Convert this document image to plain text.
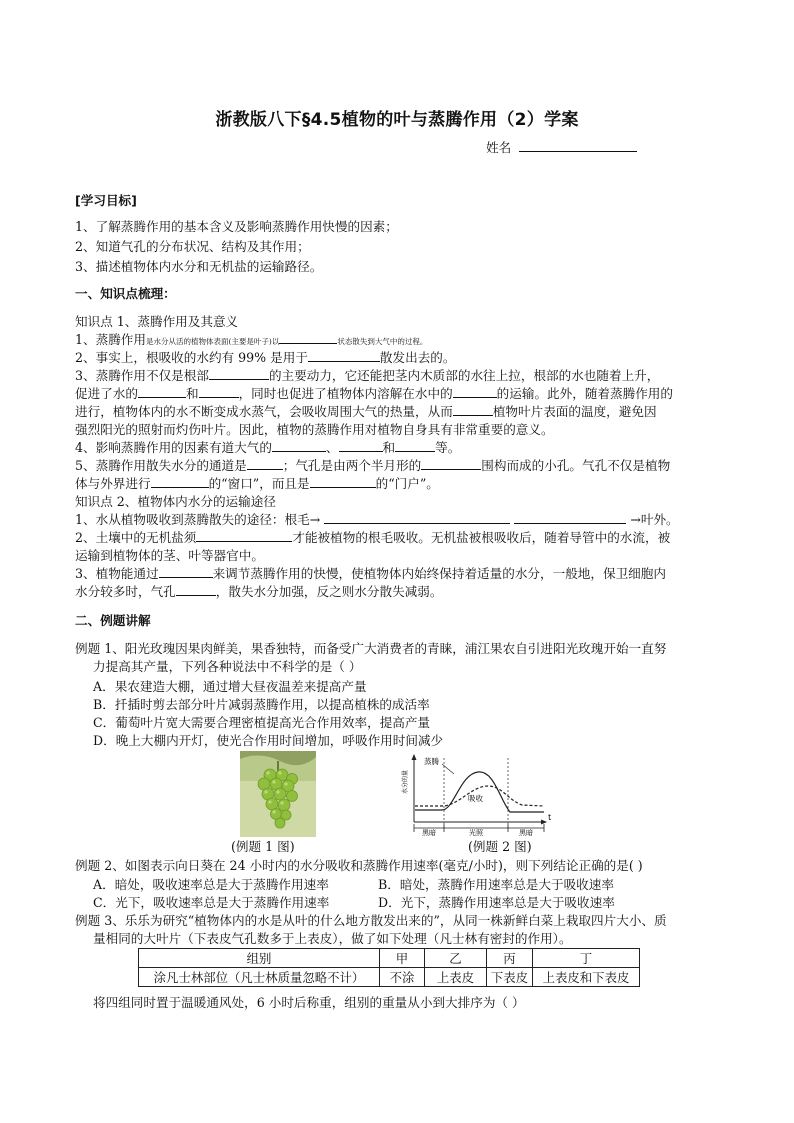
浙教版八下§4.5植物的叶与蒸腾作用（2）学案
姓名
[学习目标]
1、了解蒸腾作用的基本含义及影响蒸腾作用快慢的因素；
2、知道气孔的分布状况、结构及其作用；
3、描述植物体内水分和无机盐的运输路径。
一、知识点梳理：
知识点 1、蒸腾作用及其意义
1、蒸腾作用是水分从活的植物体表面(主要是叶子)以	状态散失到大气中的过程。
2、事实上，根吸收的水约有 99% 是用于	散发出去的。
3、蒸腾作用不仅是根部	的主要动力，它还能把茎内木质部的水往上拉，根部的水也随着上升，
促进了水的	和	，同时也促进了植物体内溶解在水中的	的运输。此外，随着蒸腾作用的
进行，植物体内的水不断变成水蒸气，会吸收周围大气的热量，从而	植物叶片表面的温度，避免因
强烈阳光的照射而灼伤叶片。因此，植物的蒸腾作用对植物自身具有非常重要的意义。
4、影响蒸腾作用的因素有道大气的	、	和	等。
5、蒸腾作用散失水分的通道是	；气孔是由两个半月形的	围构而成的小孔。气孔不仅是植物
体与外界进行	的“窗口”，而且是	的“门户”。
知识点 2、植物体内水分的运输途径
1、水从植物吸收到蒸腾散失的途径：根毛→	→叶外。
2、土壤中的无机盐须	才能被植物的根毛吸收。无机盐被根吸收后，随着导管中的水流，被
运输到植物体的茎、叶等器官中。
3、植物能通过	来调节蒸腾作用的快慢，使植物体内始终保持着适量的水分，一般地，保卫细胞内
水分较多时，气孔	，散失水分加强，反之则水分散失减弱。
二、例题讲解
例题 1、阳光玫瑰因果肉鲜美，果香独特，而备受广大消费者的青睐，浦江果农自引进阳光玫瑰开始一直努
力提高其产量，下列各种说法中不科学的是（ ）
A．果农建造大棚，通过增大昼夜温差来提高产量
B．扦插时剪去部分叶片减弱蒸腾作用，以提高植株的成活率
C．葡萄叶片宽大需要合理密植提高光合作用效率，提高产量
D．晚上大棚内开灯，使光合作用时间增加，呼吸作用时间减少
(例题 1 图)
t
水分的量
蒸腾
吸收
黑暗	光照	黑暗
(例题 2 图)
例题 2、如图表示向日葵在 24 小时内的水分吸收和蒸腾作用速率(毫克/小时)，则下列结论正确的是( )
A．暗处，吸收速率总是大于蒸腾作用速率	B．暗处，蒸腾作用速率总是大于吸收速率
C．光下，吸收速率总是大于蒸腾作用速率	D．光下，蒸腾作用速率总是大于吸收速率
例题 3、乐乐为研究“植物体内的水是从叶的什么地方散发出来的”，从同一株新鲜白菜上栽取四片大小、质
量相同的大叶片（下表皮气孔数多于上表皮），做了如下处理（凡士林有密封的作用）。
组别	甲	乙	丙	丁
涂凡士林部位（凡士林质量忽略不计）	不涂	上表皮	下表皮	上表皮和下表皮
将四组同时置于温暖通风处，6 小时后称重，组别的重量从小到大排序为（ ）
